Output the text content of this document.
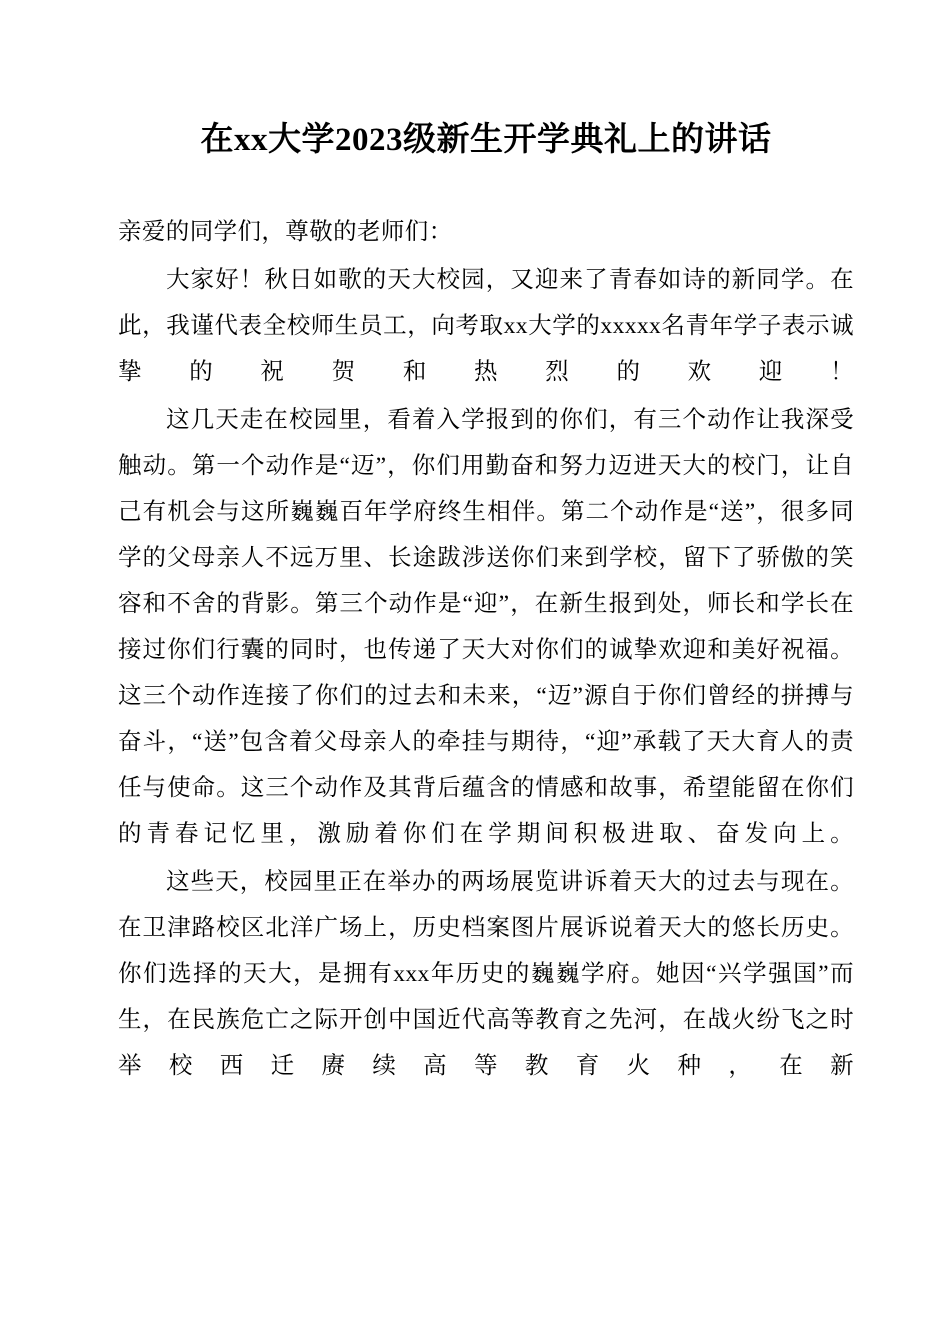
在xx大学2023级新生开学典礼上的讲话

亲爱的同学们，尊敬的老师们：

大家好！秋日如歌的天大校园，又迎来了青春如诗的新同学。在此，我谨代表全校师生员工，向考取xx大学的xxxxx名青年学子表示诚挚的祝贺和热烈的欢迎！

这几天走在校园里，看着入学报到的你们，有三个动作让我深受触动。第一个动作是“迈”，你们用勤奋和努力迈进天大的校门，让自己有机会与这所巍巍百年学府终生相伴。第二个动作是“送”，很多同学的父母亲人不远万里、长途跋涉送你们来到学校，留下了骄傲的笑容和不舍的背影。第三个动作是“迎”，在新生报到处，师长和学长在接过你们行囊的同时，也传递了天大对你们的诚挚欢迎和美好祝福。这三个动作连接了你们的过去和未来，“迈”源自于你们曾经的拼搏与奋斗，“送”包含着父母亲人的牵挂与期待，“迎”承载了天大育人的责任与使命。这三个动作及其背后蕴含的情感和故事，希望能留在你们的青春记忆里，激励着你们在学期间积极进取、奋发向上。

这些天，校园里正在举办的两场展览讲诉着天大的过去与现在。在卫津路校区北洋广场上，历史档案图片展诉说着天大的悠长历史。你们选择的天大，是拥有xxx年历史的巍巍学府。她因“兴学强国”而生，在民族危亡之际开创中国近代高等教育之先河，在战火纷飞之时举校西迁赓续高等教育火种，在新
